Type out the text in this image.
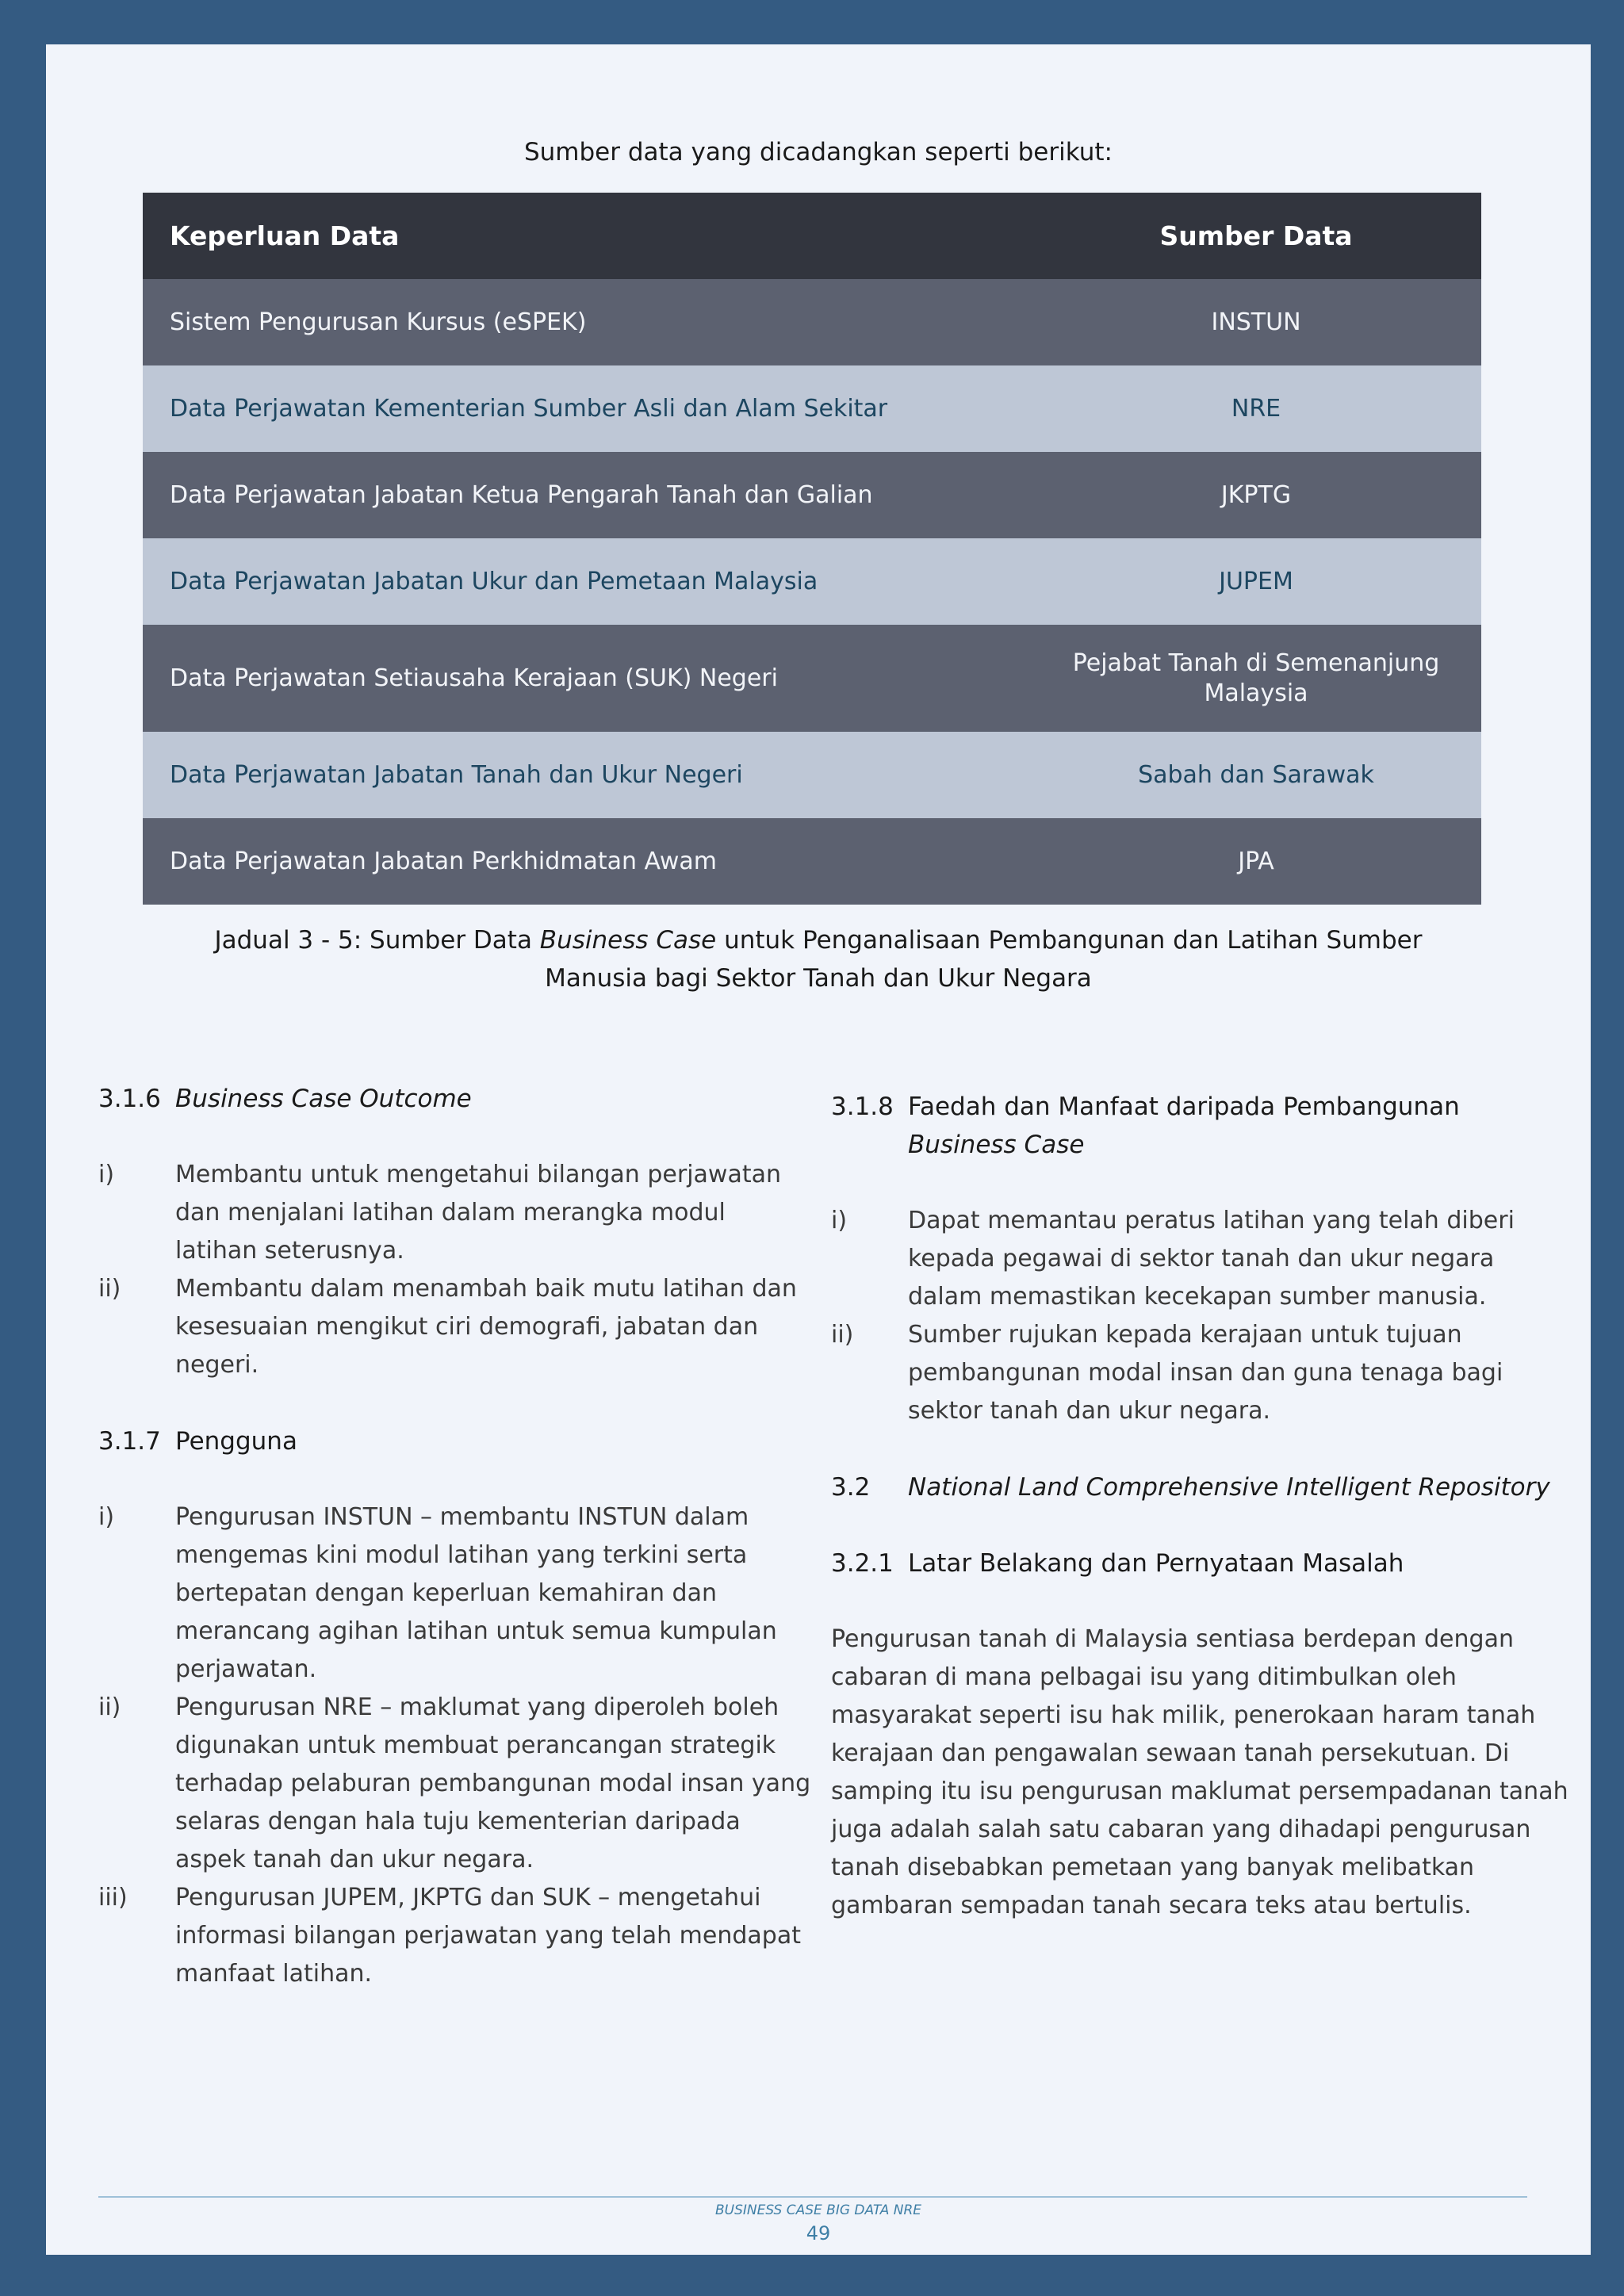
Sumber data yang dicadangkan seperti berikut:
Keperluan Data	Sumber Data
Sistem Pengurusan Kursus (eSPEK)	INSTUN
Data Perjawatan Kementerian Sumber Asli dan Alam Sekitar	NRE
Data Perjawatan Jabatan Ketua Pengarah Tanah dan Galian	JKPTG
Data Perjawatan Jabatan Ukur dan Pemetaan Malaysia	JUPEM
Data Perjawatan Setiausaha Kerajaan (SUK) Negeri	Pejabat Tanah di Semenanjung Malaysia
Data Perjawatan Jabatan Tanah dan Ukur Negeri	Sabah dan Sarawak
Data Perjawatan Jabatan Perkhidmatan Awam	JPA
Jadual 3 - 5: Sumber Data Business Case untuk Penganalisaan Pembangunan dan Latihan Sumber Manusia bagi Sektor Tanah dan Ukur Negara
3.1.6 Business Case Outcome
i)	Membantu untuk mengetahui bilangan perjawatan dan menjalani latihan dalam merangka modul latihan seterusnya.
ii)	Membantu dalam menambah baik mutu latihan dan kesesuaian mengikut ciri demografi, jabatan dan negeri.
3.1.7 Pengguna
i)	Pengurusan INSTUN – membantu INSTUN dalam mengemas kini modul latihan yang terkini serta bertepatan dengan keperluan kemahiran dan merancang agihan latihan untuk semua kumpulan perjawatan.
ii)	Pengurusan NRE – maklumat yang diperoleh boleh digunakan untuk membuat perancangan strategik terhadap pelaburan pembangunan modal insan yang selaras dengan hala tuju kementerian daripada aspek tanah dan ukur negara.
iii)	Pengurusan JUPEM, JKPTG dan SUK – mengetahui informasi bilangan perjawatan yang telah mendapat manfaat latihan.
3.1.8 Faedah dan Manfaat daripada Pembangunan
Business Case
i)	Dapat memantau peratus latihan yang telah diberi kepada pegawai di sektor tanah dan ukur negara dalam memastikan kecekapan sumber manusia.
ii)	Sumber rujukan kepada kerajaan untuk tujuan pembangunan modal insan dan guna tenaga bagi sektor tanah dan ukur negara.
3.2	National Land Comprehensive Intelligent Repository
3.2.1 Latar Belakang dan Pernyataan Masalah

Pengurusan tanah di Malaysia sentiasa berdepan dengan cabaran di mana pelbagai isu yang ditimbulkan oleh masyarakat seperti isu hak milik, penerokaan haram tanah kerajaan dan pengawalan sewaan tanah persekutuan. Di samping itu isu pengurusan maklumat persempadanan tanah juga adalah salah satu cabaran yang dihadapi pengurusan tanah disebabkan pemetaan yang banyak melibatkan gambaran sempadan tanah secara teks atau bertulis.

BUSINESS CASE BIG DATA NRE
49
